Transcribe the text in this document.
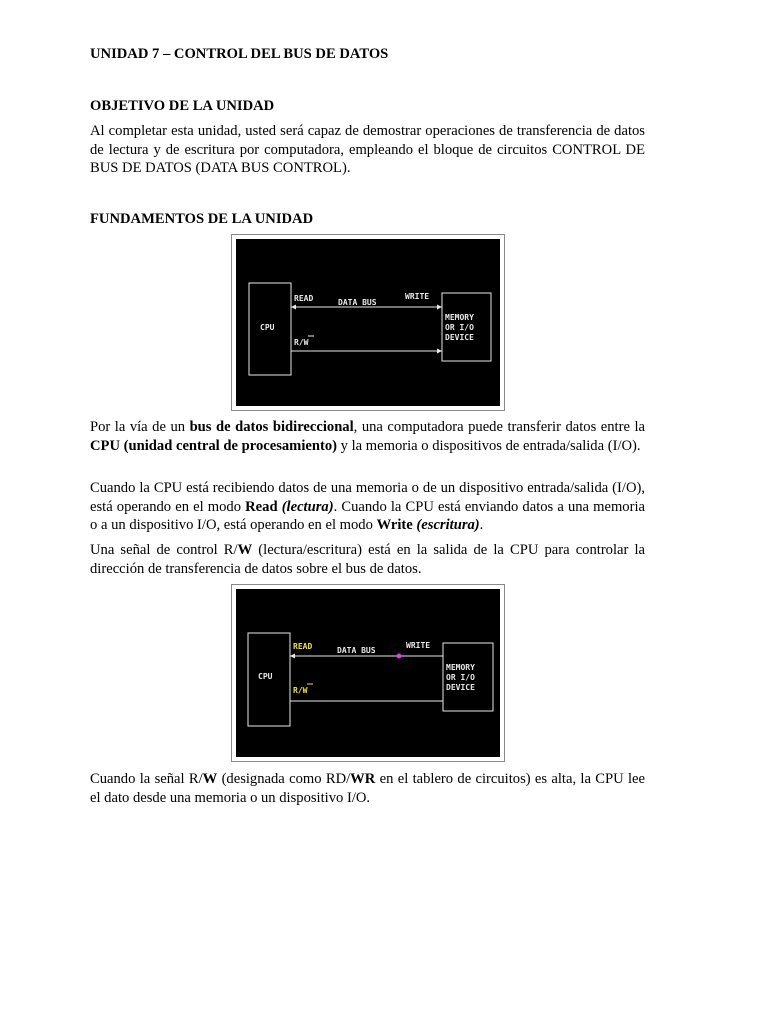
UNIDAD 7 – CONTROL DEL BUS DE DATOS

OBJETIVO DE LA UNIDAD

Al completar esta unidad, usted será capaz de demostrar operaciones de transferencia de datos de lectura y de escritura por computadora, empleando el bloque de circuitos CONTROL DE BUS DE DATOS (DATA BUS CONTROL).

FUNDAMENTOS DE LA UNIDAD

CPU
READ	DATA BUS
WRITE
R/W
MEMORY
OR I/O
DEVICE

Por la vía de un bus de datos bidireccional, una computadora puede transferir datos entre la CPU (unidad central de procesamiento) y la memoria o dispositivos de entrada/salida (I/O).

Cuando la CPU está recibiendo datos de una memoria o de un dispositivo entrada/salida (I/O), está operando en el modo Read (lectura). Cuando la CPU está enviando datos a una memoria o a un dispositivo I/O, está operando en el modo Write (escritura).

Una señal de control R/W (lectura/escritura) está en la salida de la CPU para controlar la dirección de transferencia de datos sobre el bus de datos.

CPU
READ	DATA BUS
WRITE
R/W
MEMORY
OR I/O
DEVICE

Cuando la señal R/W (designada como RD/WR en el tablero de circuitos) es alta, la CPU lee el dato desde una memoria o un dispositivo I/O.
